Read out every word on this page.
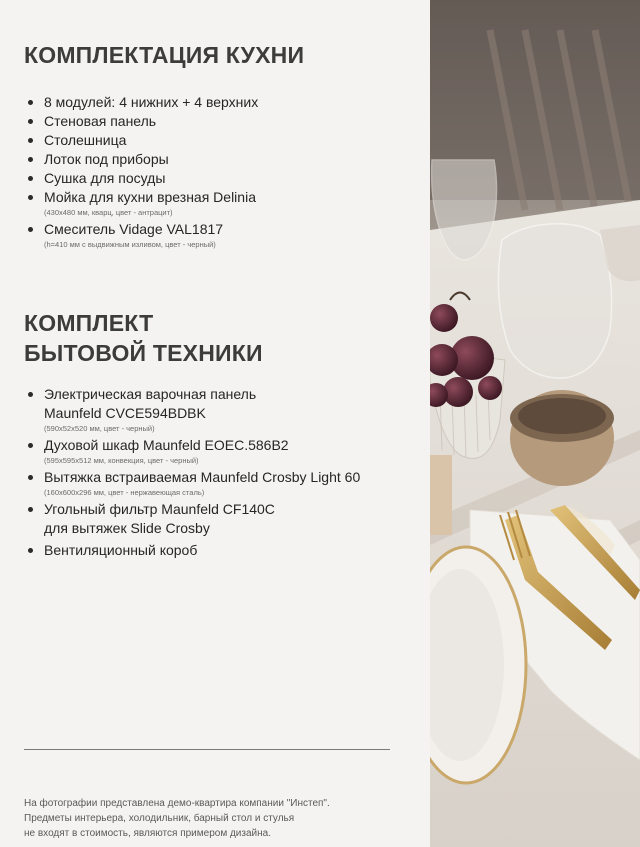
КОМПЛЕКТАЦИЯ КУХНИ
8 модулей: 4 нижних + 4 верхних
Стеновая панель
Столешница
Лоток под приборы
Сушка для посуды
Мойка для кухни врезная Delinia
(430x480 мм, кварц, цвет - антрацит)
Смеситель Vidage VAL1817
(h=410 мм с выдвижным изливом, цвет - черный)
КОМПЛЕКТ
БЫТОВОЙ ТЕХНИКИ
Электрическая варочная панель
Maunfeld CVCE594BDBK
(590x52x520 мм, цвет - черный)
Духовой шкаф Maunfeld EOEC.586B2
(595x595x512 мм, конвекция, цвет - черный)
Вытяжка встраиваемая Maunfeld Crosby Light 60
(160x600x296 мм, цвет - нержавеющая сталь)
Угольный фильтр Maunfeld CF140C
для вытяжек Slide Crosby
Вентиляционный короб
На фотографии представлена демо-квартира компании "Инстеп".
Предметы интерьера, холодильник, барный стол и стулья
не входят в стоимость, являются примером дизайна.
